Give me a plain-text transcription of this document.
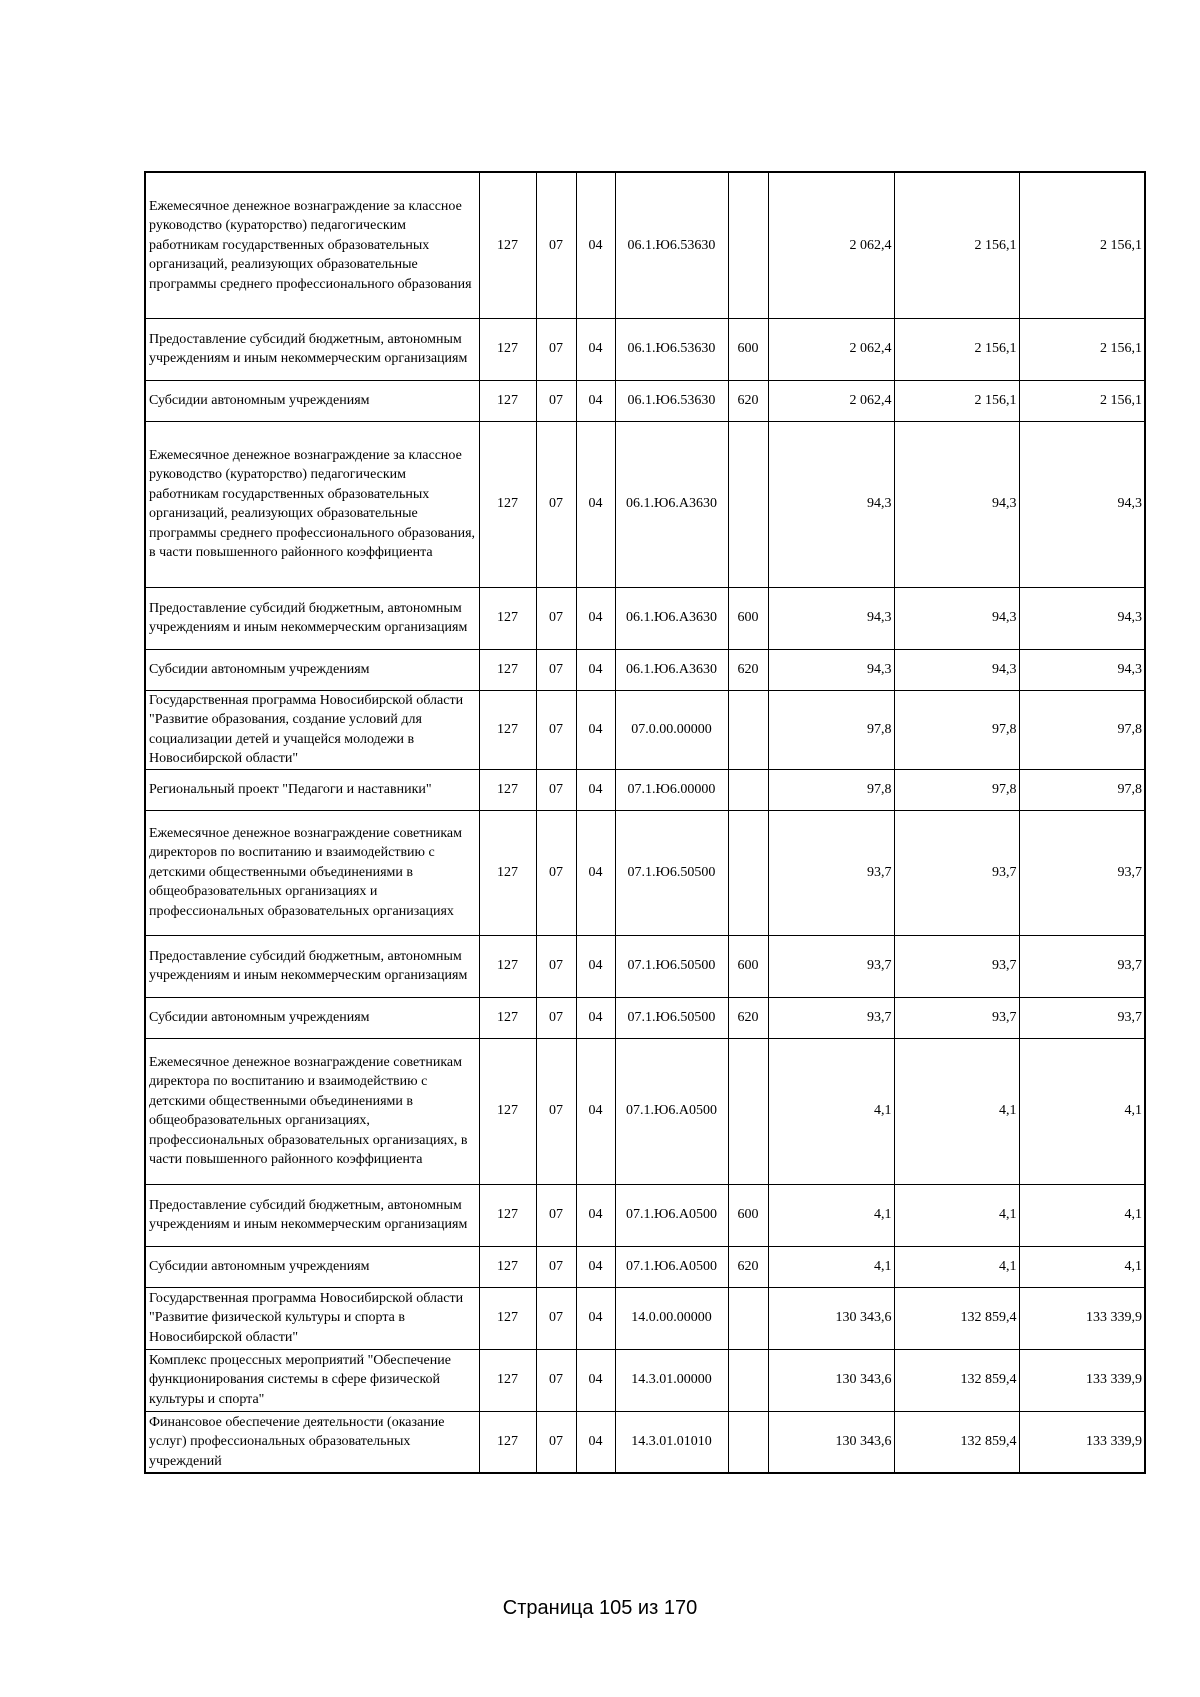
Ежемесячное денежное вознаграждение за классное руководство (кураторство) педагогическим работникам государственных образовательных организаций, реализующих образовательные программы среднего профессионального образования	127	07	04	06.1.Ю6.53630		2 062,4	2 156,1	2 156,1
Предоставление субсидий бюджетным, автономным учреждениям и иным некоммерческим организациям	127	07	04	06.1.Ю6.53630	600	2 062,4	2 156,1	2 156,1
Субсидии автономным учреждениям	127	07	04	06.1.Ю6.53630	620	2 062,4	2 156,1	2 156,1
Ежемесячное денежное вознаграждение за классное руководство (кураторство) педагогическим работникам государственных образовательных организаций, реализующих образовательные программы среднего профессионального образования, в части повышенного районного коэффициента	127	07	04	06.1.Ю6.А3630		94,3	94,3	94,3
Предоставление субсидий бюджетным, автономным учреждениям и иным некоммерческим организациям	127	07	04	06.1.Ю6.А3630	600	94,3	94,3	94,3
Субсидии автономным учреждениям	127	07	04	06.1.Ю6.А3630	620	94,3	94,3	94,3
Государственная программа Новосибирской области "Развитие образования, создание условий для социализации детей и учащейся молодежи в Новосибирской области"	127	07	04	07.0.00.00000		97,8	97,8	97,8
Региональный проект "Педагоги и наставники"	127	07	04	07.1.Ю6.00000		97,8	97,8	97,8
Ежемесячное денежное вознаграждение советникам директоров по воспитанию и взаимодействию с детскими общественными объединениями в общеобразовательных организациях и профессиональных образовательных организациях	127	07	04	07.1.Ю6.50500		93,7	93,7	93,7
Предоставление субсидий бюджетным, автономным учреждениям и иным некоммерческим организациям	127	07	04	07.1.Ю6.50500	600	93,7	93,7	93,7
Субсидии автономным учреждениям	127	07	04	07.1.Ю6.50500	620	93,7	93,7	93,7
Ежемесячное денежное вознаграждение советникам директора по воспитанию и взаимодействию с детскими общественными объединениями в общеобразовательных организациях, профессиональных образовательных организациях, в части повышенного районного коэффициента	127	07	04	07.1.Ю6.А0500		4,1	4,1	4,1
Предоставление субсидий бюджетным, автономным учреждениям и иным некоммерческим организациям	127	07	04	07.1.Ю6.А0500	600	4,1	4,1	4,1
Субсидии автономным учреждениям	127	07	04	07.1.Ю6.А0500	620	4,1	4,1	4,1
Государственная программа Новосибирской области "Развитие физической культуры и спорта в Новосибирской области"	127	07	04	14.0.00.00000		130 343,6	132 859,4	133 339,9
Комплекс процессных мероприятий "Обеспечение функционирования системы в сфере физической культуры и спорта"	127	07	04	14.3.01.00000		130 343,6	132 859,4	133 339,9
Финансовое обеспечение деятельности (оказание услуг) профессиональных образовательных учреждений	127	07	04	14.3.01.01010		130 343,6	132 859,4	133 339,9
Страница 105 из 170
